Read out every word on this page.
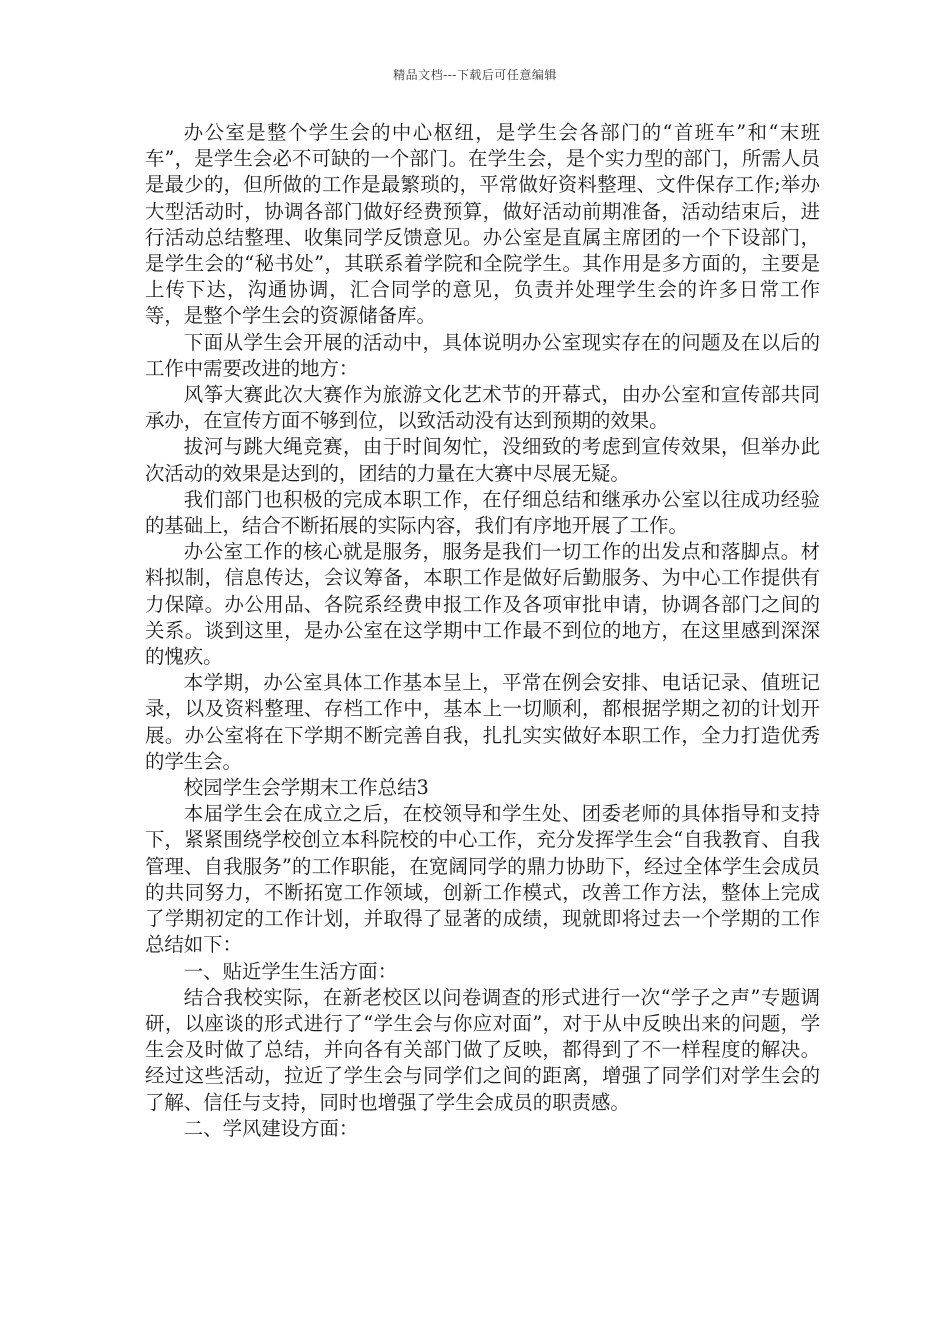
精品文档---下载后可任意编辑

办公室是整个学生会的中心枢纽，是学生会各部门的“首班车”和“末班车”，是学生会必不可缺的一个部门。在学生会，是个实力型的部门，所需人员是最少的，但所做的工作是最繁琐的，平常做好资料整理、文件保存工作;举办大型活动时，协调各部门做好经费预算，做好活动前期准备，活动结束后，进行活动总结整理、收集同学反馈意见。办公室是直属主席团的一个下设部门，是学生会的“秘书处”，其联系着学院和全院学生。其作用是多方面的，主要是上传下达，沟通协调，汇合同学的意见，负责并处理学生会的许多日常工作等，是整个学生会的资源储备库。

下面从学生会开展的活动中，具体说明办公室现实存在的问题及在以后的工作中需要改进的地方：

风筝大赛此次大赛作为旅游文化艺术节的开幕式，由办公室和宣传部共同承办，在宣传方面不够到位，以致活动没有达到预期的效果。

拔河与跳大绳竞赛，由于时间匆忙，没细致的考虑到宣传效果，但举办此次活动的效果是达到的，团结的力量在大赛中尽展无疑。

我们部门也积极的完成本职工作，在仔细总结和继承办公室以往成功经验的基础上，结合不断拓展的实际内容，我们有序地开展了工作。

办公室工作的核心就是服务，服务是我们一切工作的出发点和落脚点。材料拟制，信息传达，会议筹备，本职工作是做好后勤服务、为中心工作提供有力保障。办公用品、各院系经费申报工作及各项审批申请，协调各部门之间的关系。谈到这里，是办公室在这学期中工作最不到位的地方，在这里感到深深的愧疚。

本学期，办公室具体工作基本呈上，平常在例会安排、电话记录、值班记录，以及资料整理、存档工作中，基本上一切顺利，都根据学期之初的计划开展。办公室将在下学期不断完善自我，扎扎实实做好本职工作，全力打造优秀的学生会。

校园学生会学期末工作总结3

本届学生会在成立之后，在校领导和学生处、团委老师的具体指导和支持下，紧紧围绕学校创立本科院校的中心工作，充分发挥学生会“自我教育、自我管理、自我服务”的工作职能，在宽阔同学的鼎力协助下，经过全体学生会成员的共同努力，不断拓宽工作领域，创新工作模式，改善工作方法，整体上完成了学期初定的工作计划，并取得了显著的成绩，现就即将过去一个学期的工作总结如下：

一、贴近学生生活方面：

结合我校实际，在新老校区以问卷调查的形式进行一次“学子之声”专题调研，以座谈的形式进行了“学生会与你应对面”，对于从中反映出来的问题，学生会及时做了总结，并向各有关部门做了反映，都得到了不一样程度的解决。经过这些活动，拉近了学生会与同学们之间的距离，增强了同学们对学生会的了解、信任与支持，同时也增强了学生会成员的职责感。

二、学风建设方面：
